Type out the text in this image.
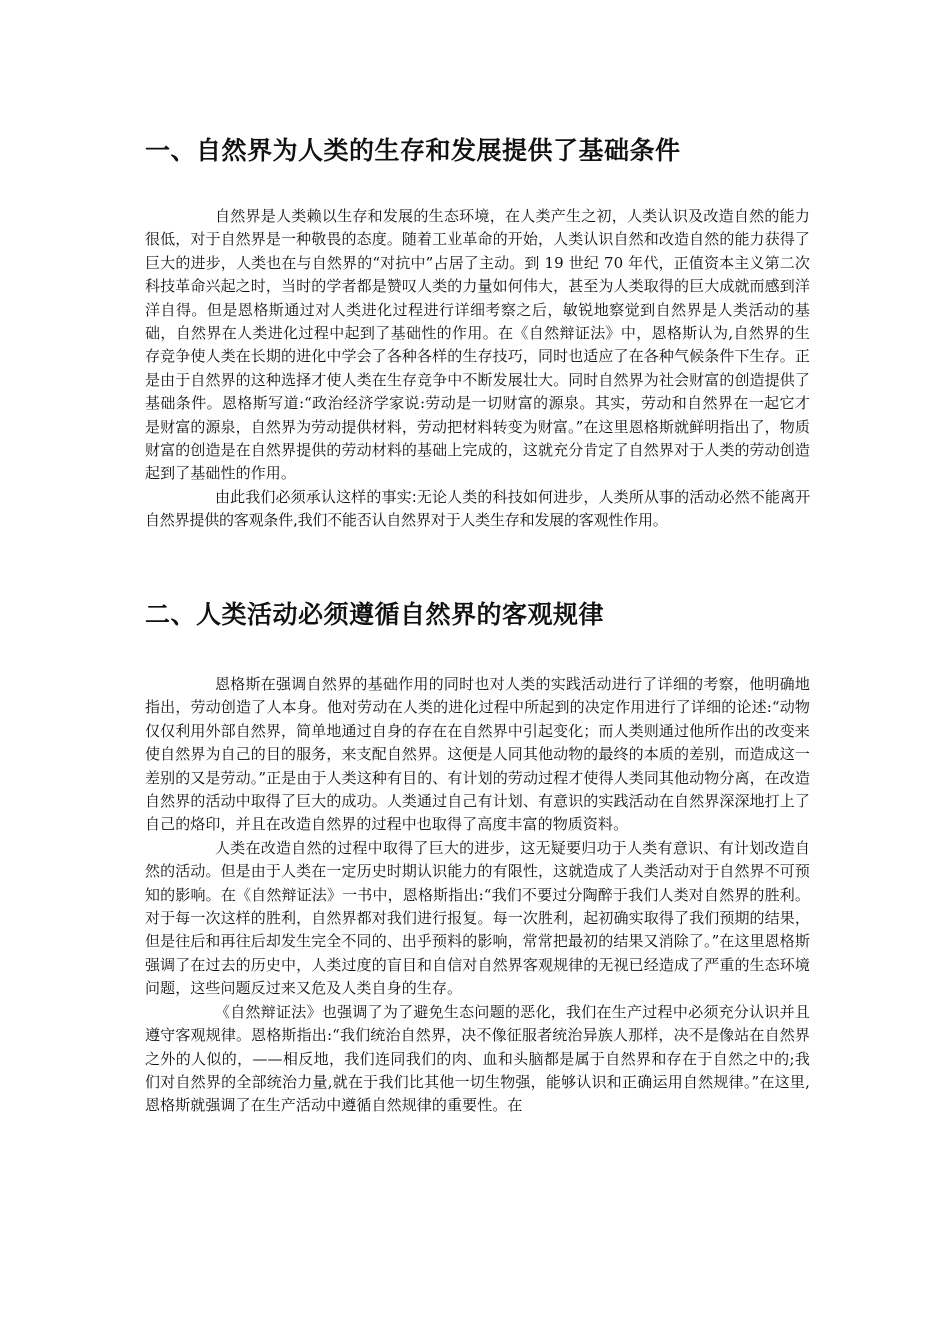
一、自然界为人类的生存和发展提供了基础条件

自然界是人类赖以生存和发展的生态环境，在人类产生之初，人类认识及改造自然的能力很低，对于自然界是一种敬畏的态度。随着工业革命的开始，人类认识自然和改造自然的能力获得了巨大的进步，人类也在与自然界的“对抗中”占居了主动。到 19 世纪 70 年代，正值资本主义第二次科技革命兴起之时，当时的学者都是赞叹人类的力量如何伟大，甚至为人类取得的巨大成就而感到洋洋自得。但是恩格斯通过对人类进化过程进行详细考察之后，敏锐地察觉到自然界是人类活动的基础，自然界在人类进化过程中起到了基础性的作用。在《自然辩证法》中，恩格斯认为,自然界的生存竞争使人类在长期的进化中学会了各种各样的生存技巧，同时也适应了在各种气候条件下生存。正是由于自然界的这种选择才使人类在生存竞争中不断发展壮大。同时自然界为社会财富的创造提供了基础条件。恩格斯写道:“政治经济学家说:劳动是一切财富的源泉。其实，劳动和自然界在一起它才是财富的源泉，自然界为劳动提供材料，劳动把材料转变为财富。”在这里恩格斯就鲜明指出了，物质财富的创造是在自然界提供的劳动材料的基础上完成的，这就充分肯定了自然界对于人类的劳动创造起到了基础性的作用。

由此我们必须承认这样的事实:无论人类的科技如何进步，人类所从事的活动必然不能离开自然界提供的客观条件,我们不能否认自然界对于人类生存和发展的客观性作用。

二、人类活动必须遵循自然界的客观规律

恩格斯在强调自然界的基础作用的同时也对人类的实践活动进行了详细的考察，他明确地指出，劳动创造了人本身。他对劳动在人类的进化过程中所起到的决定作用进行了详细的论述:“动物仅仅利用外部自然界，简单地通过自身的存在在自然界中引起变化；而人类则通过他所作出的改变来使自然界为自己的目的服务，来支配自然界。这便是人同其他动物的最终的本质的差别，而造成这一差别的又是劳动。”正是由于人类这种有目的、有计划的劳动过程才使得人类同其他动物分离，在改造自然界的活动中取得了巨大的成功。人类通过自己有计划、有意识的实践活动在自然界深深地打上了自己的烙印，并且在改造自然界的过程中也取得了高度丰富的物质资料。

人类在改造自然的过程中取得了巨大的进步，这无疑要归功于人类有意识、有计划改造自然的活动。但是由于人类在一定历史时期认识能力的有限性，这就造成了人类活动对于自然界不可预知的影响。在《自然辩证法》一书中，恩格斯指出:“我们不要过分陶醉于我们人类对自然界的胜利。对于每一次这样的胜利，自然界都对我们进行报复。每一次胜利，起初确实取得了我们预期的结果，但是往后和再往后却发生完全不同的、出乎预料的影响，常常把最初的结果又消除了。”在这里恩格斯强调了在过去的历史中，人类过度的盲目和自信对自然界客观规律的无视已经造成了严重的生态环境问题，这些问题反过来又危及人类自身的生存。

《自然辩证法》也强调了为了避免生态问题的恶化，我们在生产过程中必须充分认识并且遵守客观规律。恩格斯指出:“我们统治自然界，决不像征服者统治异族人那样，决不是像站在自然界之外的人似的，——相反地，我们连同我们的肉、血和头脑都是属于自然界和存在于自然之中的;我们对自然界的全部统治力量,就在于我们比其他一切生物强，能够认识和正确运用自然规律。”在这里,恩格斯就强调了在生产活动中遵循自然规律的重要性。在
